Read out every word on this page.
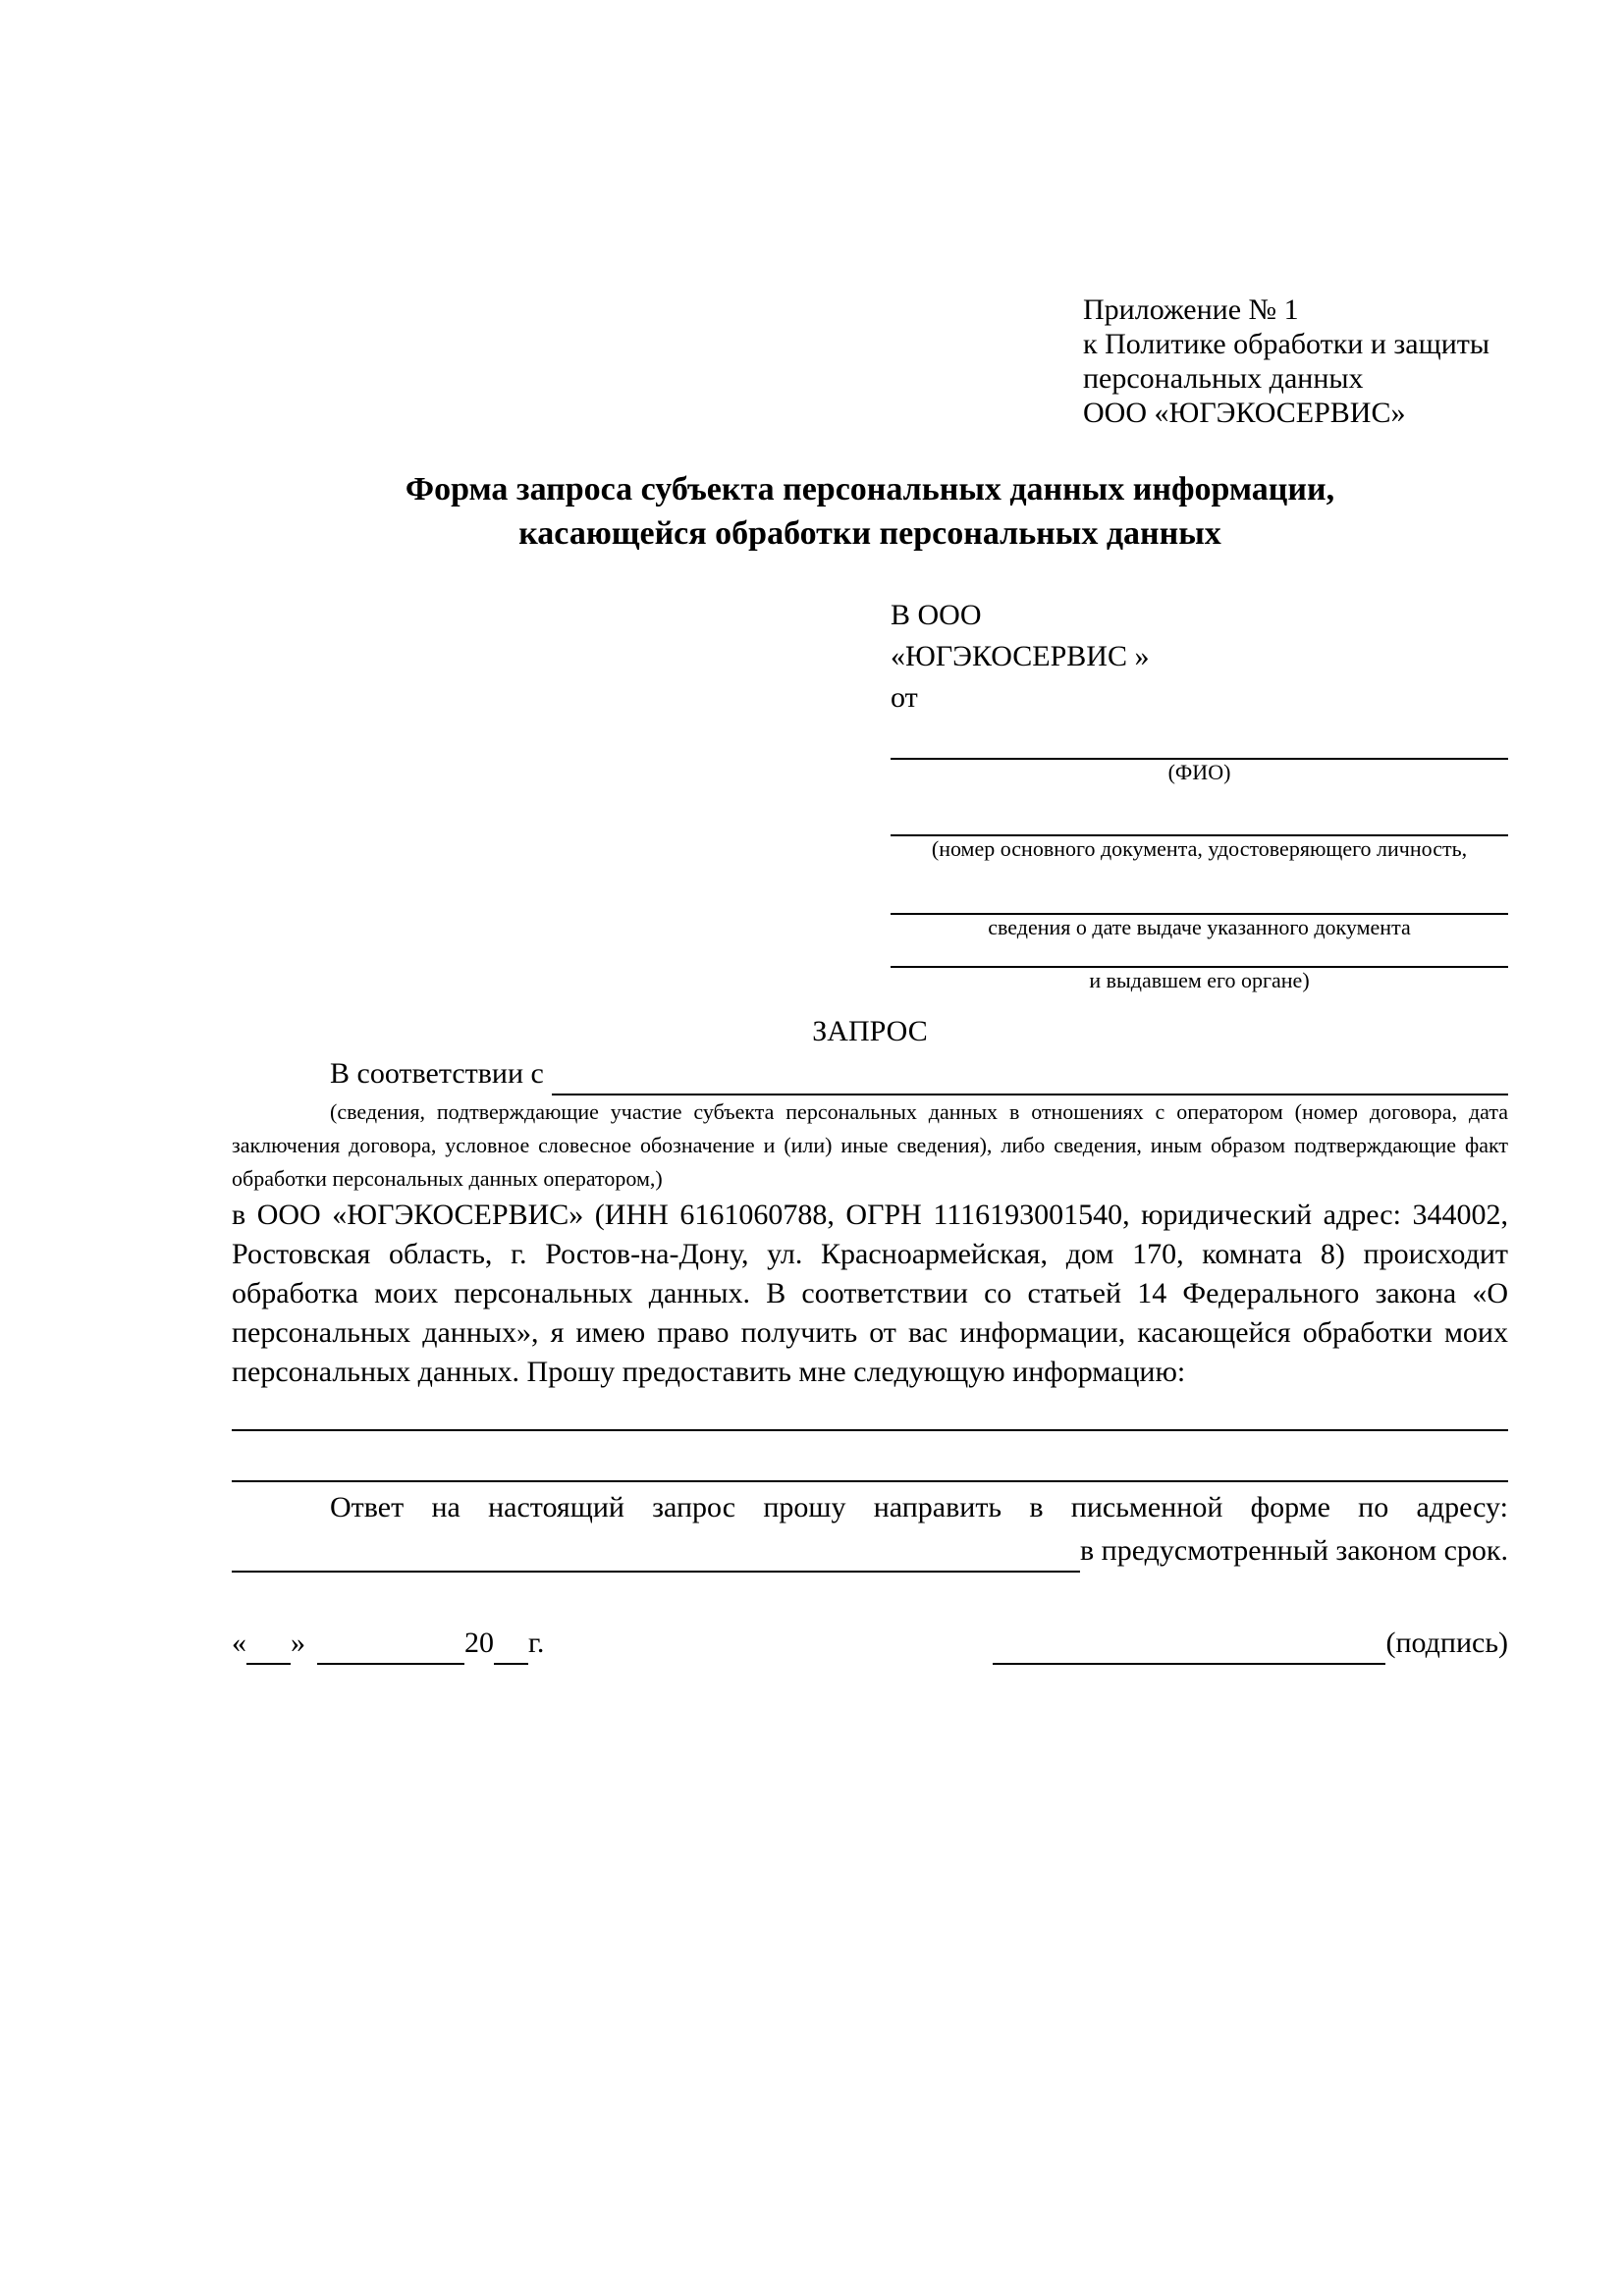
Приложение № 1
к Политике обработки и защиты
персональных данных
ООО «ЮГЭКОСЕРВИС»
Форма запроса субъекта персональных данных информации,
касающейся обработки персональных данных
В ООО
«ЮГЭКОСЕРВИС »
от
(ФИО)
(номер основного документа, удостоверяющего личность,
сведения о дате выдаче указанного документа
и выдавшем его органе)
ЗАПРОС
В соответствии с
(сведения, подтверждающие участие субъекта персональных данных в отношениях с оператором (номер договора, дата заключения договора, условное словесное обозначение и (или) иные сведения), либо сведения, иным образом подтверждающие факт обработки персональных данных оператором,)
в ООО «ЮГЭКОСЕРВИС» (ИНН 6161060788, ОГРН 1116193001540, юридический адрес: 344002, Ростовская область, г. Ростов-на-Дону, ул. Красноармейская, дом 170, комната 8) происходит обработка моих персональных данных. В соответствии со статьей 14 Федерального закона «О персональных данных», я имею право получить от вас информации, касающейся обработки моих персональных данных. Прошу предоставить мне следующую информацию:
Ответ на настоящий запрос прошу направить в письменной форме по адресу:
в предусмотренный законом срок.
« »	20 г.	(подпись)
